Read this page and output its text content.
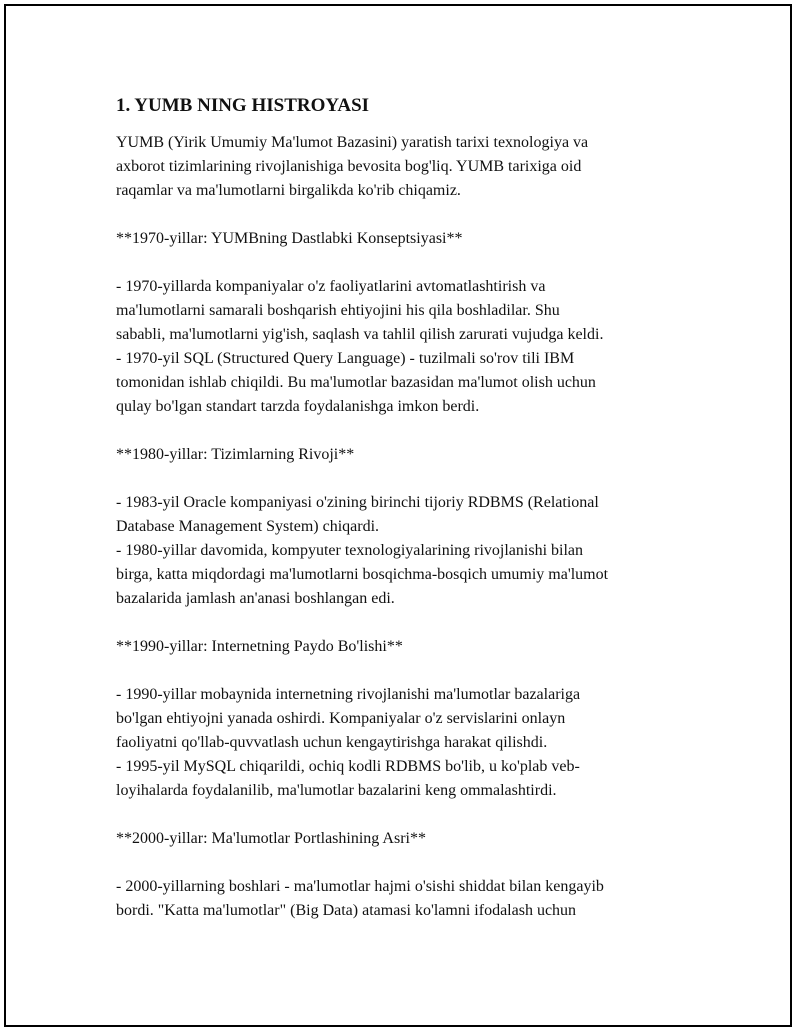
1. YUMB NING HISTROYASI

YUMB (Yirik Umumiy Ma'lumot Bazasini) yaratish tarixi texnologiya va
axborot tizimlarining rivojlanishiga bevosita bog'liq. YUMB tarixiga oid
raqamlar va ma'lumotlarni birgalikda ko'rib chiqamiz.

**1970-yillar: YUMBning Dastlabki Konseptsiyasi**

- 1970-yillarda kompaniyalar o'z faoliyatlarini avtomatlashtirish va
ma'lumotlarni samarali boshqarish ehtiyojini his qila boshladilar. Shu
sababli, ma'lumotlarni yig'ish, saqlash va tahlil qilish zarurati vujudga keldi.
- 1970-yil SQL (Structured Query Language) - tuzilmali so'rov tili IBM
tomonidan ishlab chiqildi. Bu ma'lumotlar bazasidan ma'lumot olish uchun
qulay bo'lgan standart tarzda foydalanishga imkon berdi.

**1980-yillar: Tizimlarning Rivoji**

- 1983-yil Oracle kompaniyasi o'zining birinchi tijoriy RDBMS (Relational
Database Management System) chiqardi.
- 1980-yillar davomida, kompyuter texnologiyalarining rivojlanishi bilan
birga, katta miqdordagi ma'lumotlarni bosqichma-bosqich umumiy ma'lumot
bazalarida jamlash an'anasi boshlangan edi.

**1990-yillar: Internetning Paydo Bo'lishi**

- 1990-yillar mobaynida internetning rivojlanishi ma'lumotlar bazalariga
bo'lgan ehtiyojni yanada oshirdi. Kompaniyalar o'z servislarini onlayn
faoliyatni qo'llab-quvvatlash uchun kengaytirishga harakat qilishdi.
- 1995-yil MySQL chiqarildi, ochiq kodli RDBMS bo'lib, u ko'plab veb-
loyihalarda foydalanilib, ma'lumotlar bazalarini keng ommalashtirdi.

**2000-yillar: Ma'lumotlar Portlashining Asri**

- 2000-yillarning boshlari - ma'lumotlar hajmi o'sishi shiddat bilan kengayib
bordi. "Katta ma'lumotlar" (Big Data) atamasi ko'lamni ifodalash uchun
